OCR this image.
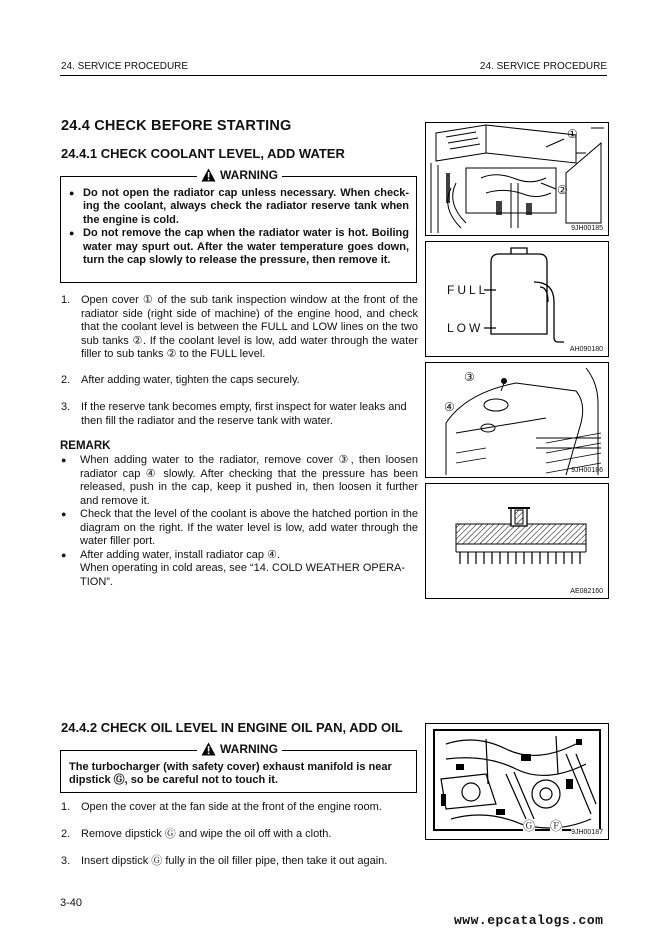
24. SERVICE PROCEDURE	24. SERVICE PROCEDURE
24.4 CHECK BEFORE STARTING
24.4.1 CHECK COOLANT LEVEL, ADD WATER
WARNING
● Do not open the radiator cap unless necessary. When check- ing the coolant, always check the radiator reserve tank when the engine is cold.
● Do not remove the cap when the radiator water is hot. Boiling water may spurt out. After the water temperature goes down, turn the cap slowly to release the pressure, then remove it.
1. Open cover ① of the sub tank inspection window at the front of the radiator side (right side of machine) of the engine hood, and check that the coolant level is between the FULL and LOW lines on the two sub tanks ②. If the coolant level is low, add water through the water filler to sub tanks ② to the FULL level.
2. After adding water, tighten the caps securely.
3. If the reserve tank becomes empty, first inspect for water leaks and then fill the radiator and the reserve tank with water.
REMARK
● When adding water to the radiator, remove cover ③, then loosen radiator cap ④ slowly. After checking that the pressure has been released, push in the cap, keep it pushed in, then loosen it further and remove it.
● Check that the level of the coolant is above the hatched portion in the diagram on the right. If the water level is low, add water through the water filler port.
● After adding water, install radiator cap ④.
When operating in cold areas, see “14. COLD WEATHER OPERA- TION”.
①
②
9JH00185
FULL
LOW
AH090180
③
④
9JH00186
AE082160
24.4.2 CHECK OIL LEVEL IN ENGINE OIL PAN, ADD OIL
WARNING
The turbocharger (with safety cover) exhaust manifold is near dipstick Ⓖ, so be careful not to touch it.
1. Open the cover at the fan side at the front of the engine room.
2. Remove dipstick Ⓖ and wipe the oil off with a cloth.
3. Insert dipstick Ⓖ fully in the oil filler pipe, then take it out again.
Ⓖ Ⓕ 9JH00187
3-40
www.epcatalogs.com
